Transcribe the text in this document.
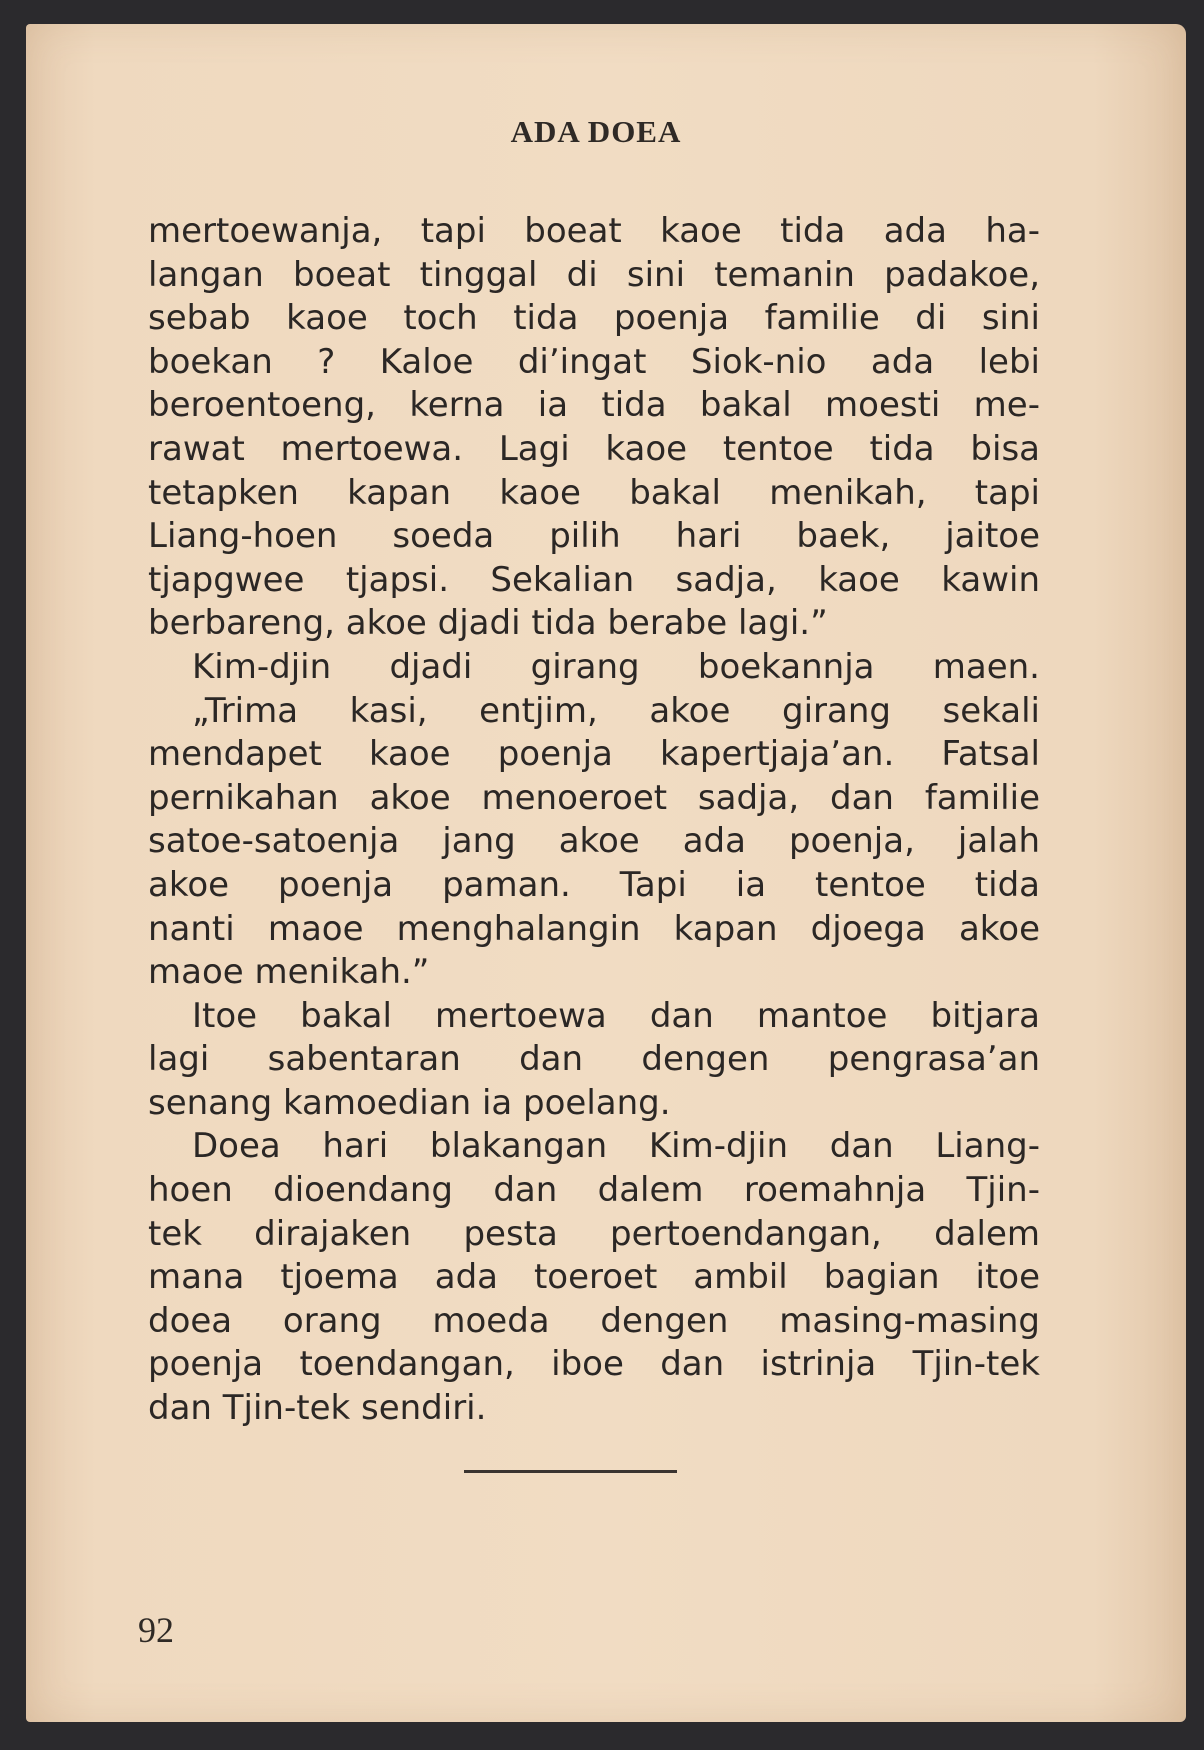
ADA DOEA
mertoewanja, tapi boeat kaoe tida ada ha-
langan boeat tinggal di sini temanin padakoe,
sebab kaoe toch tida poenja familie di sini
boekan ? Kaloe di’ingat Siok-nio ada lebi
beroentoeng, kerna ia tida bakal moesti me-
rawat mertoewa. Lagi kaoe tentoe tida bisa
tetapken kapan kaoe bakal menikah, tapi
Liang-hoen soeda pilih hari baek, jaitoe
tjapgwee tjapsi. Sekalian sadja, kaoe kawin
berbareng, akoe djadi tida berabe lagi.”
Kim-djin djadi girang boekannja maen.
„Trima kasi, entjim, akoe girang sekali
mendapet kaoe poenja kapertjaja’an. Fatsal
pernikahan akoe menoeroet sadja, dan familie
satoe-satoenja jang akoe ada poenja, jalah
akoe poenja paman. Tapi ia tentoe tida
nanti maoe menghalangin kapan djoega akoe
maoe menikah.”
Itoe bakal mertoewa dan mantoe bitjara
lagi sabentaran dan dengen pengrasa’an
senang kamoedian ia poelang.
Doea hari blakangan Kim-djin dan Liang-
hoen dioendang dan dalem roemahnja Tjin-
tek dirajaken pesta pertoendangan, dalem
mana tjoema ada toeroet ambil bagian itoe
doea orang moeda dengen masing-masing
poenja toendangan, iboe dan istrinja Tjin-tek
dan Tjin-tek sendiri.
92
